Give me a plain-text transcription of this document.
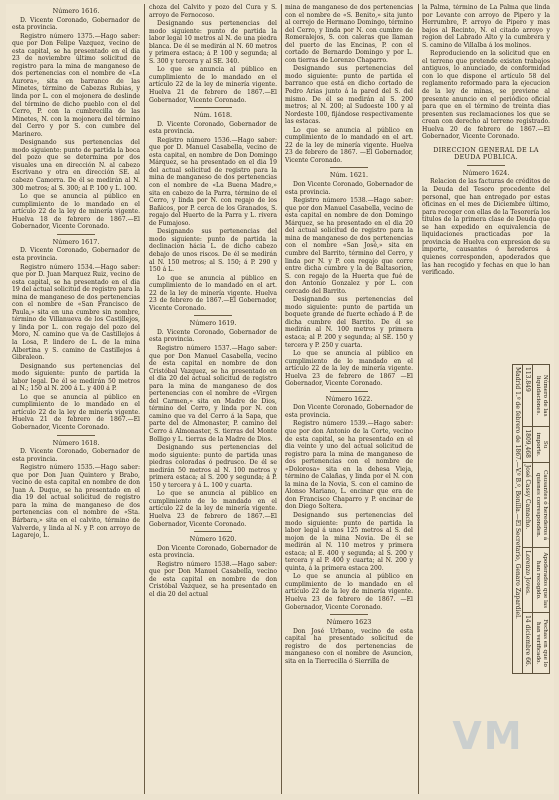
Número 1616.

D. Vicente Coronado, Gobernador de esta provincia.

Registro número 1375.—Hago saber: que por Don Felipe Vazquez, vecino de esta capital, se ha presentado en el dia 23 de noviembre último solicitud de registro para la mina de manganeso de dos pertenencias con el nombre de «La Aurora», sita en barranco de las Minetes, término de Cabezas Rubias, y linda por L. con el mojonera de deslinde del término de dicho pueblo con el del Cerro, P. con la cumbrecilla de las Minetes, N. con la mojonera del término del Cerro y por S. con cumbre del Marinero.

Designando sus pertenencias del modo siguiente: punto de partida la boca del pozo que se determina por dos visuales una en dirección N. al cabezo Escrivano y otra en dirección SE. al cabezo Camorra. De él se medirán al N. 300 metros; al S. 300; al P. 100 y L. 100.

Lo que se anuncia al público en cumplimiento de lo mandado en el artículo 22 de la ley de minería vigente. Huelva 18 de febrero de 1867.—El Gobernador, Vicente Coronado.

Número 1617.

D. Vicente Coronado, Gobernador de esta provincia.

Registro número 1534.—Hago saber: que por D. Juan Marquez Ruiz, vecino de esta capital, se ha presentado en el dia 19 del actual solicitud de registro para la mina de manganeso de dos pertenencias con el nombre de «San Francisco de Paula,» sita en una cumbre sin nombre, término de Villanueva de los Castillejos, y linda por L. con regajo del pozo del Moro, N. camino que va de Castillejos á la Losa, P. lindero de L. de la mina Albertina y S. camino de Castillejos á Gibraleon.

Designando sus pertenencias del modo siguiente: punto de partida la labor legal. De él se medirán 50 metros al N.; 150 al N. 200 á L. y 400 á P.

Lo que se anuncia al público en cumplimiento de lo mandado en el artículo 22 de la ley de minería vigente. Huelva 21 de febrero de 1867.—El Gobernador, Vicente Coronado.

Número 1618.

D. Vicente Coronado, Gobernador de esta provincia.

Registro número 1535.—Hago saber: que por Don Juan Quintero y Brabo, vecino de esta capital en nombre de don Juan A. Duque, se ha presentado en el dia 19 del actual solicitud de registro para la mina de manganeso de dos pertenencias con el nombre de «Sta. Bárbara,» sita en el calvito, término de Valverde, y linda al N. y P. con arroyo de Lagarejo, L.

choza del Calvito y pozo del Cura y S. arroyo de Fernocoso.

Designando sus pertenencias del modo siguiente: punto de partida la labor legal 10 metros al N. de una piedra blanca. De él se medirán al N. 60 metros y primera estaca; á P. 100 y segunda; al S. 300 y tercera y al SE. 340.

Lo que se anuncia al público en cumplimiento de lo mandado en el artículo 22 de la ley de minería vigente. Huelva 21 de febrero de 1867.—El Gobernador, Vicente Coronado.

Núm. 1618.

D. Vicente Coronado, Gobernador de esta provincia.

Registro número 1536.—Hago saber: que por D. Manuel Casabella, vecino de esta capital, en nombre de Don Domingo Márquez, se ha presentado en el dia 19 del actual solicitud de registro para la mina de manganeso de dos pertenencias con el nombre de «La Buena Madre,» sita en cabezo de la Parra, término de el Cerro, y linda por N. con regajo de los Bañicos, por P. cerca de los Granados, S. regajo del Huerto de la Parra y L. rivera de Fumajoso.

Designando sus pertenencias del modo siguiente: punto de partida la declinacion hácia L. de dicho cabezo debajo de unos riscos. De él se medirán al N. 150 metros; al S. 150; á P. 290 y 150 á L.

Lo que se anuncia al público en cumplimiento de lo mandado en el art. 22 de la ley de minería vigente. Huelva 23 de febrero de 1867.—El Gobernador, Vicente Coronado.

Número 1619.

D. Vicente Coronado, Gobernador de esta provincia.

Registro número 1537.—Hago saber: que por Don Manuel Casabella, vecino de esta capital en nombre de don Cristóbal Vazquez, se ha presentado en el dia 20 del actual solicitud de registro para la mina de manganeso de dos pertenencias con el nombre de «Virgen del Carmen,» sita en Madre de Dios, término del Cerro, y linda por N. con camino que va del Cerro á la Sapa, que parte del de Almonaster, P. camino del Cerro á Almonaster, S. tierras del Monte Bolligo y L. tierras de la Madre de Dios.

Designando sus pertenencias del modo siguiente: punto de partida unas piedras coloradas ó pedrusco. De él se medirán 50 metros al N. 100 metros y primera estaca; al S. 200 y segunda; á P. 150 y tercera y á L. 100 y cuarta.

Lo que se anuncia al público en cumplimiento de lo mandado en el artículo 22 de la ley de minería vigente. Huelva 23 de febrero de 1867.—El Gobernador, Vicente Coronado.

Número 1620.

Don Vicente Coronado, Gobernador de esta provincia.

Registro número 1538.—Hago saber: que por Don Manuel Casabella, vecino de esta capital en nombre de don Cristóbal Vazquez, se ha presentado en el dia 20 del actual

mina de manganeso de dos pertenencias con el nombre de «S. Benito,» sita junto al cerrejo de Hermano Domingo, término del Cerro, y linda por N. con cumbre de Romeralejos, S. con caleras que llaman del puerto de las Encinas, P. con el cortado de Bernardo Domingo y por L. con tierras de Lorenzo Chaparro.

Designando sus pertenencias del modo siguiente: punto de partida el barranco que está en dicho cortado de Pedro Arias junto á la pared del S. del mismo. De él se medirán al S. 200 metros; al N. 200; al Sudoeste 100 y al Nordeste 100, fijándose respectivamente las estacas.

Lo que se anuncia al público en cumplimiento de lo mandado en el art. 22 de la ley de minería vigente. Huelva 23 de febrero de 1867. —El Gobernador, Vicente Coronado.

Núm. 1621.

Don Vicente Coronado, Gobernador de esta provincia.

Registro número 1538.—Hago saber: que por don Manuel Casabella, vecino de esta capital en nombre de don Domingo Márquez, se ha presentado en el dia 20 del actual solicitud de registro para la mina de manganeso de dos pertenencias con el nombre «San José,» sita en cumbre del Barrito, término del Cerro, y linda por N. y P. con regajo que corre entre dicha cumbre y la de Baltasorion, S. con regajo de la Huerta que fué de don Antonio Gonzalez y por L. con cercado del Barrito.

Designando sus pertenencias del modo siguiente: punto de partida un boquete grande de fuerte echado á P. de dicha cumbre del Barrito. De él se medirán al N. 100 metros y primera estaca; al P. 200 y segunda; al SE. 150 y tercera y P. 250 y cuarta.

Lo que se anuncia al público en cumplimiento de lo mandado en el artículo 22 de la ley de minería vigente. Huelva 23 de febrero de 1867 —El Gobernador, Vicente Coronado.

Número 1622.

Don Vicente Coronado, Gobernador de esta provincia.

Registro número 1539.—Hago saber: que por don Antonio de la Corte, vecino de esta capital, se ha presentado en el dia veinte y uno del actual solicitud de registro para la mina de manganeso de dos pertenencias con el nombre de «Dolorosa» sita en la dehesa Vieja, término de Calañas, y linda por el N. con la mina de la Novia, S. con el camino de Alonso Mariano, L. encinar que era de don Francisco Chaparro y P. encinar de don Diego Soltera.

Designando sus pertenencias del modo siguiente: punto de partida la labor legal á unos 125 metros al S. del mojon de la mina Novia. De él se medirán al N. 110 metros y primera estaca; al E. 400 y segunda; al S. 200 y tercera y al P. 400 y cuarta; al N. 200 y quinta, á la primera estaca 200.

Lo que se anuncia al público en cumplimiento de lo mandado en el artículo 22 de la ley de minería vigente. Huelva 23 de febrero de 1867. —El Gobernador, Vicente Coronado.

Número 1623

Don José Urbano, vecino de esta capital ha presentado solicitud de registro de dos pertenencias de manganeso con el nombre de Asuncion, sita en la Tierrecilla ó Sierrilla de

la Palma, término de La Palma que linda por Levante con arroyo de Pipero y la Herrumbre, P. arroyo de Pipero y mas bajos al Recinto, N. el citado arroyo y region del Labrado Alto y la cumbrera y S. camino de Villalba á los molinos.

Reproduciendo en la solicitud que en el terreno que pretende existen trabajos antiguos, lo anunciado, de conformidad con lo que dispone el artículo 58 del reglamento reformado para la ejecucion de la ley de minas, se previene al presente anuncio en el periódico oficial para que en el término de treinta dias presenten sus reclamaciones los que se crean con derecho al terreno registrado. Huelva 20 de febrero de 1867.—El Gobernador, Vicente Coronado.

DIRECCION GENERAL DE LA DEUDA PÚBLICA.
Número 1624.

Relacion de las facturas de créditos de la Deuda del Tesoro procedente del personal, que han entregado por estas oficinas en el mes de Diciembre último, para recoger con ellas de la Tesorería los títulos de la primera clase de Deuda que se han expedido en equivalencia de liquidaciones practicadas por la provincia de Huelva con expresion de su importe, causantes ó herederos á quienes corresponden, apoderados que las han recogido y fechas en que lo han verificado.

Número de las liquidaciones.	Su importe.	Causantes ó herederos á quienes corresponden.	Apoderados que las han recogido.	Fechas en que lo han verificado.
113.849	1809,468	José Cassy Camacho.	Lorenzo Joves.	14 diciembre 66.
Madrid 1.º de febrero de 1867.—V.º B.º, Bonilla.—El Secretario, Genaro Zapardiel.				
VM
